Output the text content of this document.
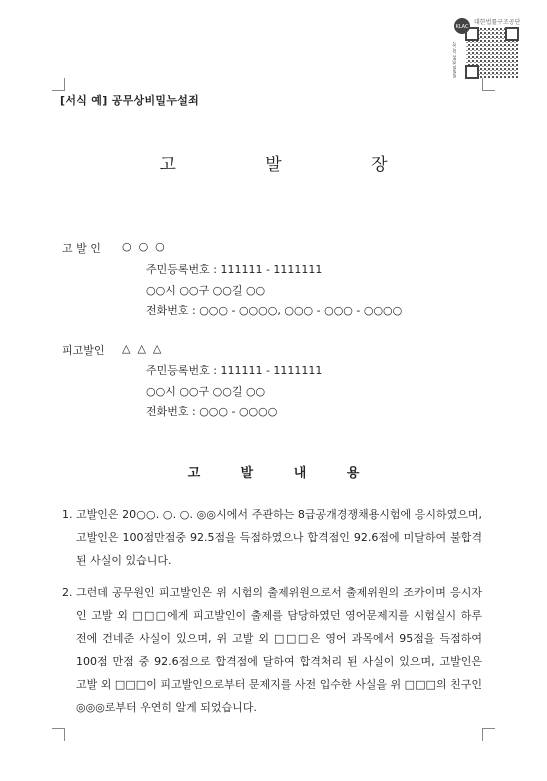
KLAC
www.klac.or.kr
대한법률구조공단
[서식 예] 공무상비밀누설죄
고 발 장
고 발 인 ○  ○  ○
주민등록번호 : 111111 - 1111111
○○시 ○○구 ○○길 ○○
전화번호 : ○○○ - ○○○○, ○○○ - ○○○ - ○○○○
피고발인 △  △  △
주민등록번호 : 111111 - 1111111
○○시 ○○구 ○○길 ○○
전화번호 : ○○○ - ○○○○
고 발 내 용
1. 고발인은 20○○. ○. ○. ◎◎시에서 주관하는 8급공개경쟁채용시험에 응시하였으며, 고발인은 100점만점중 92.5점을 득점하였으나 합격점인 92.6점에 미달하여 불합격된 사실이 있습니다.
2. 그런데 공무원인 피고발인은 위 시험의 출제위원으로서 출제위원의 조카이며 응시자인 고발 외 □□□에게 피고발인이 출제를 담당하였던 영어문제지를 시험실시 하루 전에 건네준 사실이 있으며, 위 고발 외 □□□은 영어 과목에서 95점을 득점하여 100점 만점 중 92.6점으로 합격점에 달하여 합격처리 된 사실이 있으며, 고발인은 고발 외 □□□이 피고발인으로부터 문제지를 사전 입수한 사실을 위 □□□의 친구인 ◎◎◎로부터 우연히 알게 되었습니다.
